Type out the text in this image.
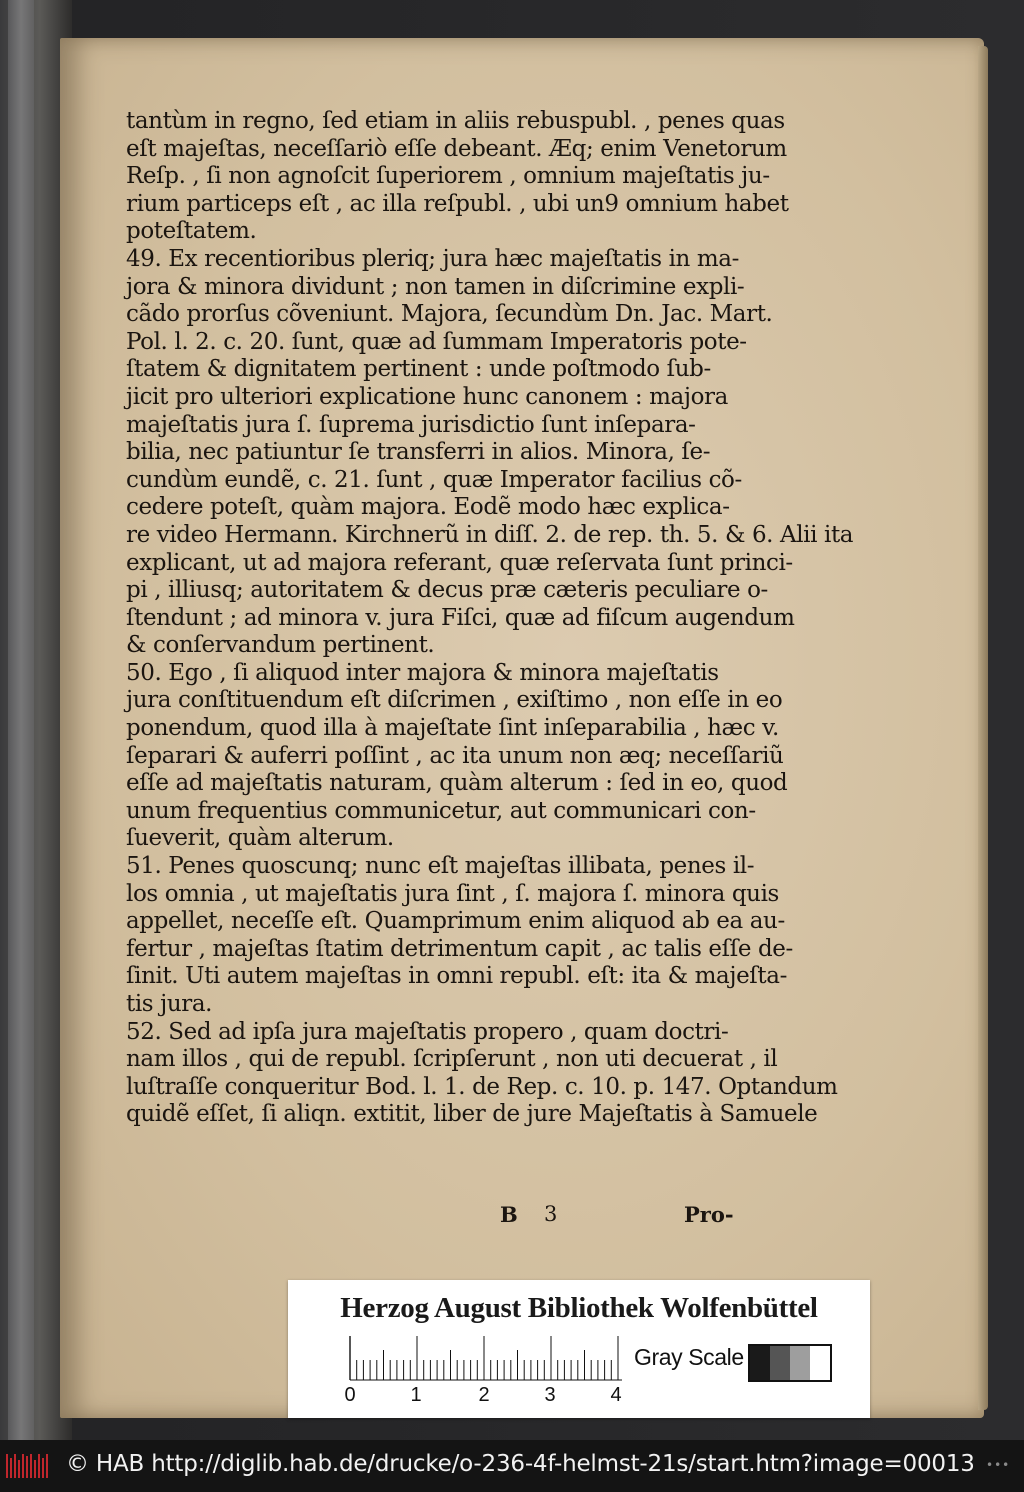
tantùm in regno, ſed etiam in aliis rebuspubl. , penes quas
eſt majeſtas, neceſſariò eſſe debeant. Æq; enim Venetorum
Reſp. , ſi non agnoſcit ſuperiorem , omnium majeſtatis ju-
rium particeps eſt , ac illa reſpubl. , ubi un9 omnium habet
poteſtatem.
49. Ex recentioribus pleriq; jura hæc majeſtatis in ma-
jora & minora dividunt ; non tamen in diſcrimine expli-
cãdo prorſus cõveniunt. Majora, ſecundùm Dn. Jac. Mart.
Pol. l. 2. c. 20. ſunt, quæ ad ſummam Imperatoris pote-
ſtatem & dignitatem pertinent : unde poſtmodo ſub-
jicit pro ulteriori explicatione hunc canonem : majora
majeſtatis jura ſ. ſuprema jurisdictio ſunt inſepara-
bilia, nec patiuntur ſe transferri in alios. Minora, ſe-
cundùm eundẽ, c. 21. ſunt , quæ Imperator facilius cõ-
cedere poteſt, quàm majora. Eodẽ modo hæc explica-
re video Hermann. Kirchnerũ in diſſ. 2. de rep. th. 5. & 6. Alii ita
explicant, ut ad majora referant, quæ reſervata ſunt princi-
pi , illiusq; autoritatem & decus præ cæteris peculiare o-
ſtendunt ; ad minora v. jura Fiſci, quæ ad fiſcum augendum
& conſervandum pertinent.
50. Ego , ſi aliquod inter majora & minora majeſtatis
jura conſtituendum eſt diſcrimen , exiſtimo , non eſſe in eo
ponendum, quod illa à majeſtate ſint inſeparabilia , hæc v.
ſeparari & auferri poſſint , ac ita unum non æq; neceſſariũ
eſſe ad majeſtatis naturam, quàm alterum : ſed in eo, quod
unum frequentius communicetur, aut communicari con-
ſueverit, quàm alterum.
51. Penes quoscunq; nunc eſt majeſtas illibata, penes il-
los omnia , ut majeſtatis jura ſint , ſ. majora ſ. minora quis
appellet, neceſſe eſt. Quamprimum enim aliquod ab ea au-
fertur , majeſtas ſtatim detrimentum capit , ac talis eſſe de-
ſinit. Uti autem majeſtas in omni republ. eſt: ita & majeſta-
tis jura.
52. Sed ad ipſa jura majeſtatis propero , quam doctri-
nam illos , qui de republ. ſcripſerunt , non uti decuerat , il
luſtraſſe conqueritur Bod. l. 1. de Rep. c. 10. p. 147. Optandum
quidẽ eſſet, ſi aliqn. extitit, liber de jure Majeſtatis à Samuele
B 3	Pro-
Herzog August Bibliothek Wolfenbüttel
0	1	2	3	4
Gray Scale
© HAB http://diglib.hab.de/drucke/o-236-4f-helmst-21s/start.htm?image=00013 •••
